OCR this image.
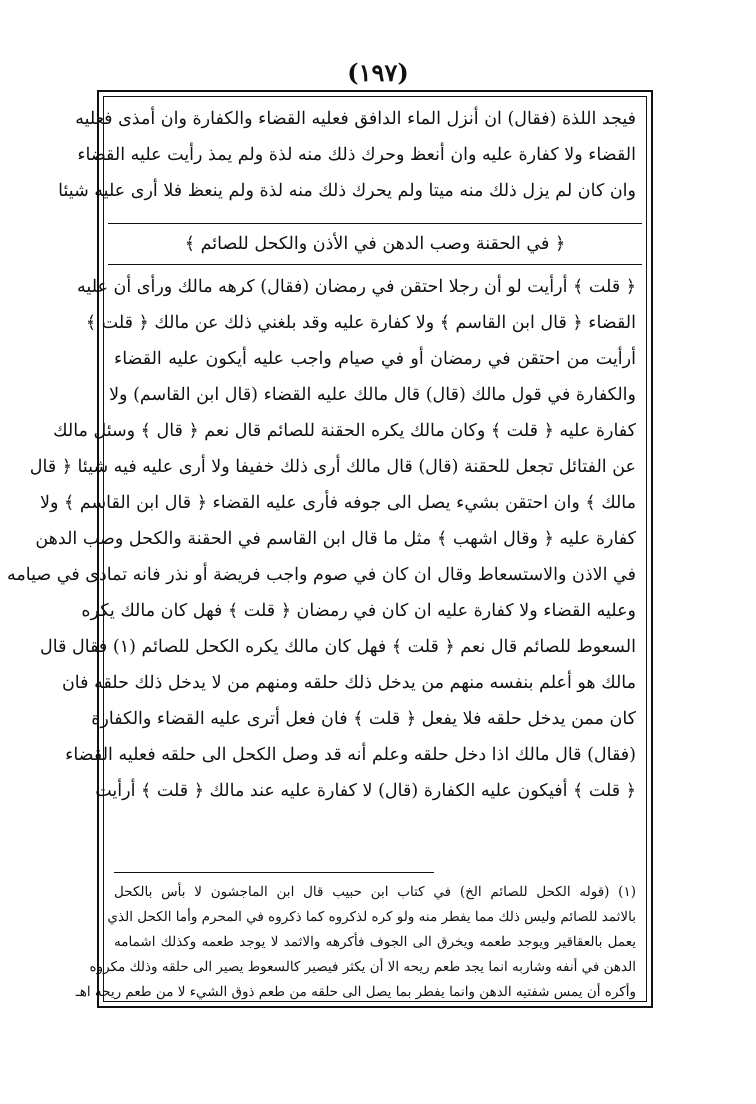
(١٩٧)
فيجد اللذة (فقال) ان أنزل الماء الدافق فعليه القضاء والكفارة وان أمذى فعليه
القضاء ولا كفارة عليه وان أنعظ وحرك ذلك منه لذة ولم يمذ رأيت عليه القضاء
وان كان لم يزل ذلك منه ميتا ولم يحرك ذلك منه لذة ولم ينعظ فلا أرى عليه شيئا
﴿ في الحقنة وصب الدهن في الأذن والكحل للصائم ﴾
﴿ قلت ﴾ أرأيت لو أن رجلا احتقن في رمضان (فقال) كرهه مالك ورأى أن عليه
القضاء ﴿ قال ابن القاسم ﴾ ولا كفارة عليه وقد بلغني ذلك عن مالك ﴿ قلت ﴾
أرأيت من احتقن في رمضان أو في صيام واجب عليه أيكون عليه القضاء
والكفارة في قول مالك (قال) قال مالك عليه القضاء (قال ابن القاسم) ولا
كفارة عليه ﴿ قلت ﴾ وكان مالك يكره الحقنة للصائم قال نعم ﴿ قال ﴾ وسئل مالك
عن الفتائل تجعل للحقنة (قال) قال مالك أرى ذلك خفيفا ولا أرى عليه فيه شيئا ﴿ قال
مالك ﴾ وان احتقن بشيء يصل الى جوفه فأرى عليه القضاء ﴿ قال ابن القاسم ﴾ ولا
كفارة عليه ﴿ وقال اشهب ﴾ مثل ما قال ابن القاسم في الحقنة والكحل وصب الدهن
في الاذن والاستسعاط وقال ان كان في صوم واجب فريضة أو نذر فانه تمادى في صيامه
وعليه القضاء ولا كفارة عليه ان كان في رمضان ﴿ قلت ﴾ فهل كان مالك يكره
السعوط للصائم قال نعم ﴿ قلت ﴾ فهل كان مالك يكره الكحل للصائم (١) فقال قال
مالك هو أعلم بنفسه منهم من يدخل ذلك حلقه ومنهم من لا يدخل ذلك حلقه فان
كان ممن يدخل حلقه فلا يفعل ﴿ قلت ﴾ فان فعل أترى عليه القضاء والكفارة
(فقال) قال مالك اذا دخل حلقه وعلم أنه قد وصل الكحل الى حلقه فعليه القضاء
﴿ قلت ﴾ أفيكون عليه الكفارة (قال) لا كفارة عليه عند مالك ﴿ قلت ﴾ أرأيت
(١) (قوله الكحل للصائم الخ) في كتاب ابن حبيب قال ابن الماجشون لا بأس بالكحل
بالاثمد للصائم وليس ذلك مما يفطر منه ولو كره لذكروه كما ذكروه في المحرم وأما الكحل الذي
يعمل بالعقاقير ويوجد طعمه ويخرق الى الجوف فأكرهه والاثمد لا يوجد طعمه وكذلك اشمامه
الدهن في أنفه وشاربه انما يجد طعم ريحه الا أن يكثر فيصير كالسعوط يصير الى حلقه وذلك مكروه
وأكره أن يمس شفتيه الدهن وانما يفطر بما يصل الى حلقه من طعم ذوق الشيء لا من طعم ريحه اهـ
